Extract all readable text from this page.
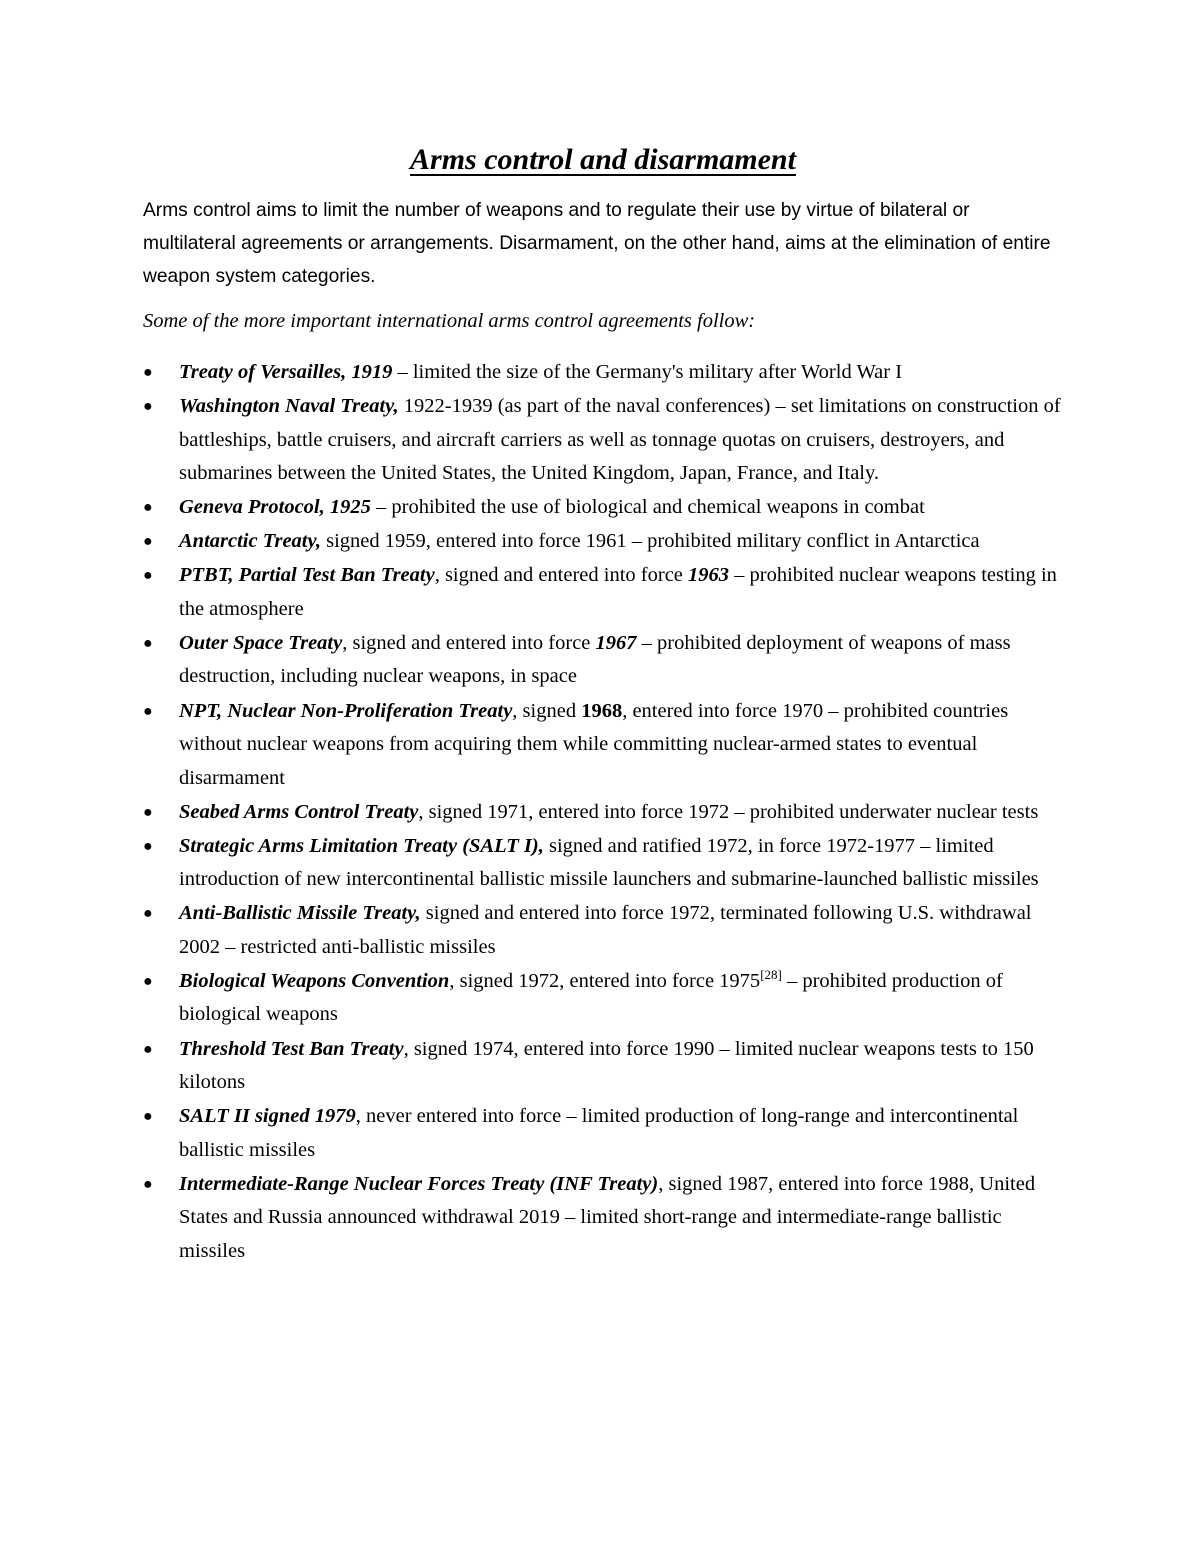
Arms control and disarmament

Arms control aims to limit the number of weapons and to regulate their use by virtue of bilateral or multilateral agreements or arrangements. Disarmament, on the other hand, aims at the elimination of entire weapon system categories.

Some of the more important international arms control agreements follow:

● Treaty of Versailles, 1919 – limited the size of the Germany's military after World War I
● Washington Naval Treaty, 1922-1939 (as part of the naval conferences) – set limitations on construction of battleships, battle cruisers, and aircraft carriers as well as tonnage quotas on cruisers, destroyers, and submarines between the United States, the United Kingdom, Japan, France, and Italy.
● Geneva Protocol, 1925 – prohibited the use of biological and chemical weapons in combat
● Antarctic Treaty, signed 1959, entered into force 1961 – prohibited military conflict in Antarctica
● PTBT, Partial Test Ban Treaty, signed and entered into force 1963 – prohibited nuclear weapons testing in the atmosphere
● Outer Space Treaty, signed and entered into force 1967 – prohibited deployment of weapons of mass destruction, including nuclear weapons, in space
● NPT, Nuclear Non-Proliferation Treaty, signed 1968, entered into force 1970 – prohibited countries without nuclear weapons from acquiring them while committing nuclear-armed states to eventual disarmament
● Seabed Arms Control Treaty, signed 1971, entered into force 1972 – prohibited underwater nuclear tests
● Strategic Arms Limitation Treaty (SALT I), signed and ratified 1972, in force 1972-1977 – limited introduction of new intercontinental ballistic missile launchers and submarine-launched ballistic missiles
● Anti-Ballistic Missile Treaty, signed and entered into force 1972, terminated following U.S. withdrawal 2002 – restricted anti-ballistic missiles
● Biological Weapons Convention, signed 1972, entered into force 1975[28] – prohibited production of biological weapons
● Threshold Test Ban Treaty, signed 1974, entered into force 1990 – limited nuclear weapons tests to 150 kilotons
● SALT II signed 1979, never entered into force – limited production of long-range and intercontinental ballistic missiles
● Intermediate-Range Nuclear Forces Treaty (INF Treaty), signed 1987, entered into force 1988, United States and Russia announced withdrawal 2019 – limited short-range and intermediate-range ballistic missiles
